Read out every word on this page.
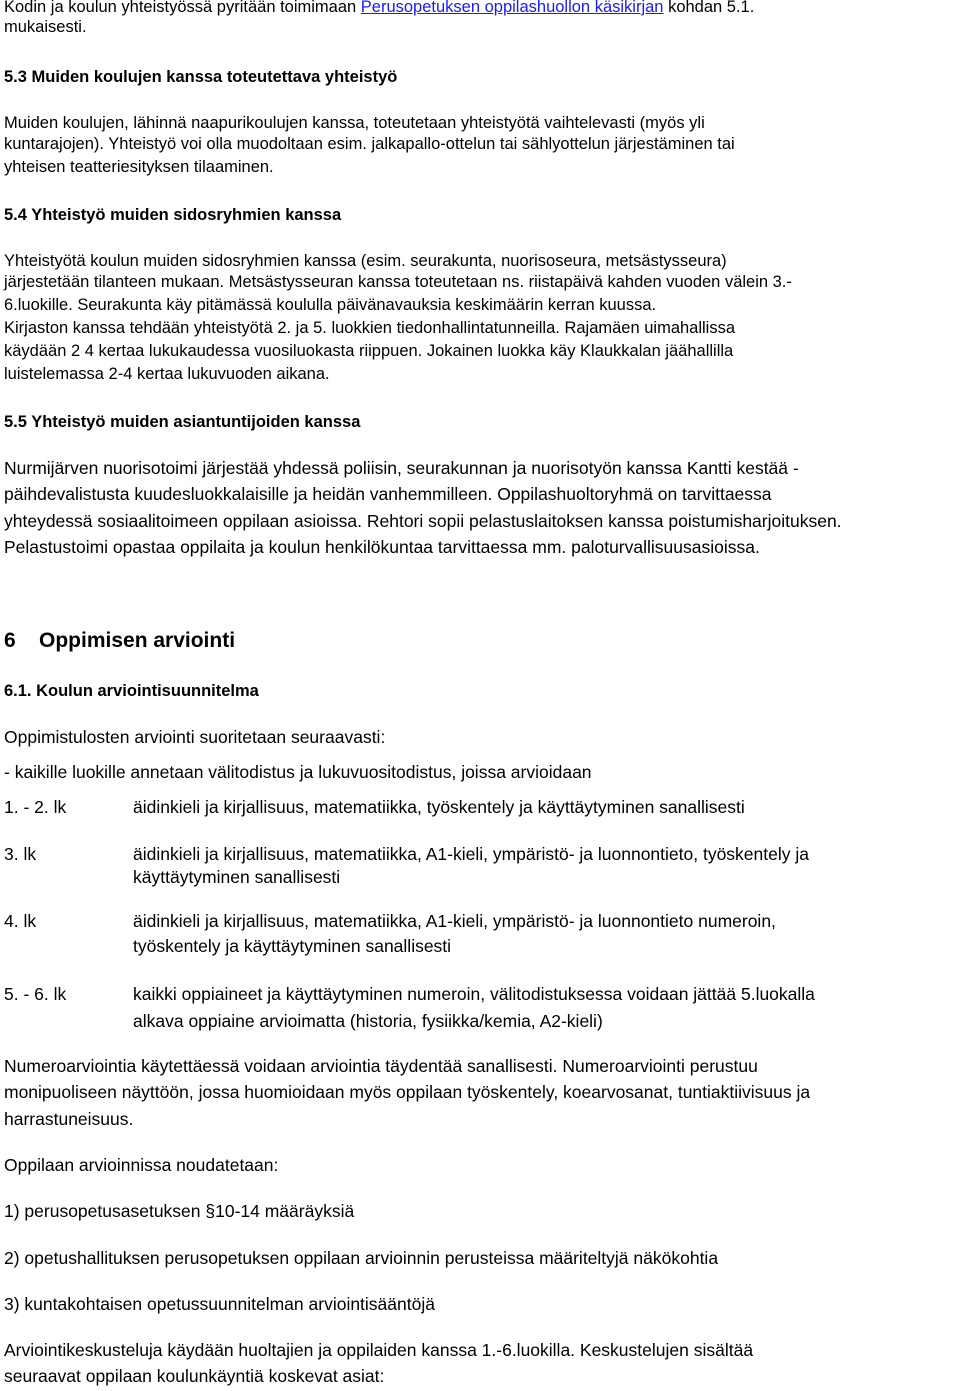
Kodin ja koulun yhteistyössä pyritään toimimaan Perusopetuksen oppilashuollon käsikirjan kohdan 5.1.
mukaisesti.
5.3 Muiden koulujen kanssa toteutettava yhteistyö
Muiden koulujen, lähinnä naapurikoulujen kanssa, toteutetaan yhteistyötä vaihtelevasti (myös yli
kuntarajojen). Yhteistyö voi olla muodoltaan esim. jalkapallo-ottelun tai sählyottelun järjestäminen tai
yhteisen teatteriesityksen tilaaminen.
5.4 Yhteistyö muiden sidosryhmien kanssa
Yhteistyötä koulun muiden sidosryhmien kanssa (esim. seurakunta, nuorisoseura, metsästysseura)
järjestetään tilanteen mukaan. Metsästysseuran kanssa toteutetaan ns. riistapäivä kahden vuoden välein 3.-
6.luokille. Seurakunta käy pitämässä koululla päivänavauksia keskimäärin kerran kuussa.
Kirjaston kanssa tehdään yhteistyötä 2. ja 5. luokkien tiedonhallintatunneilla. Rajamäen uimahallissa
käydään 2 4 kertaa lukukaudessa vuosiluokasta riippuen. Jokainen luokka käy Klaukkalan jäähallilla
luistelemassa 2-4 kertaa lukuvuoden aikana.
5.5 Yhteistyö muiden asiantuntijoiden kanssa
Nurmijärven nuorisotoimi järjestää yhdessä poliisin, seurakunnan ja nuorisotyön kanssa Kantti kestää -
päihdevalistusta kuudesluokkalaisille ja heidän vanhemmilleen. Oppilashuoltoryhmä on tarvittaessa
yhteydessä sosiaalitoimeen oppilaan asioissa. Rehtori sopii pelastuslaitoksen kanssa poistumisharjoituksen.
Pelastustoimi opastaa oppilaita ja koulun henkilökuntaa tarvittaessa mm. paloturvallisuusasioissa.
6 Oppimisen arviointi
6.1. Koulun arviointisuunnitelma
Oppimistulosten arviointi suoritetaan seuraavasti:
- kaikille luokille annetaan välitodistus ja lukuvuositodistus, joissa arvioidaan
1. - 2. lk	äidinkieli ja kirjallisuus, matematiikka, työskentely ja käyttäytyminen sanallisesti
3. lk	äidinkieli ja kirjallisuus, matematiikka, A1-kieli, ympäristö- ja luonnontieto, työskentely ja
käyttäytyminen sanallisesti
4. lk	äidinkieli ja kirjallisuus, matematiikka, A1-kieli, ympäristö- ja luonnontieto numeroin,
työskentely ja käyttäytyminen sanallisesti
5. - 6. lk	kaikki oppiaineet ja käyttäytyminen numeroin, välitodistuksessa voidaan jättää 5.luokalla
alkava oppiaine arvioimatta (historia, fysiikka/kemia, A2-kieli)
Numeroarviointia käytettäessä voidaan arviointia täydentää sanallisesti. Numeroarviointi perustuu
monipuoliseen näyttöön, jossa huomioidaan myös oppilaan työskentely, koearvosanat, tuntiaktiivisuus ja
harrastuneisuus.
Oppilaan arvioinnissa noudatetaan:
1) perusopetusasetuksen §10-14 määräyksiä
2) opetushallituksen perusopetuksen oppilaan arvioinnin perusteissa määriteltyjä näkökohtia
3) kuntakohtaisen opetussuunnitelman arviointisääntöjä
Arviointikeskusteluja käydään huoltajien ja oppilaiden kanssa 1.-6.luokilla. Keskustelujen sisältää
seuraavat oppilaan koulunkäyntiä koskevat asiat:
